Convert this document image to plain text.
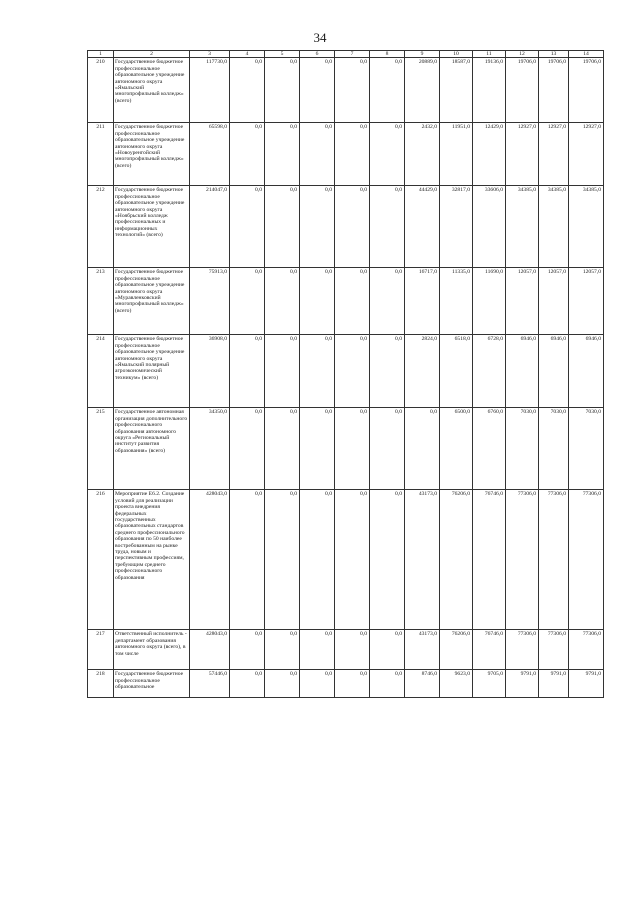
34
1	2	3	4	5	6	7	8	9	10	11	12	13	14
210	Государственное бюджетное профессиональное образовательное учреждение автономного округа «Ямальский многопрофильный колледж» (всего)	117730,0	0,0	0,0	0,0	0,0	0,0	20889,0	18587,0	19136,0	19706,0	19706,0	19706,0
211	Государственное бюджетное профессиональное образовательное учреждение автономного округа «Новоуренгойский многопрофильный колледж» (всего)	65598,0	0,0	0,0	0,0	0,0	0,0	2432,0	11951,0	12429,0	12927,0	12927,0	12927,0
212	Государственное бюджетное профессиональное образовательное учреждение автономного округа «Ноябрьский колледж профессиональных и информационных технологий» (всего)	214047,0	0,0	0,0	0,0	0,0	0,0	44429,0	32817,0	33606,0	34385,0	34385,0	34385,0
213	Государственное бюджетное профессиональное образовательное учреждение автономного округа «Муравленковский многопрофильный колледж» (всего)	75913,0	0,0	0,0	0,0	0,0	0,0	16717,0	11335,0	11690,0	12057,0	12057,0	12057,0
214	Государственное бюджетное профессиональное образовательное учреждение автономного округа «Ямальский полярный агроэкономический техникум» (всего)	36908,0	0,0	0,0	0,0	0,0	0,0	2824,0	6518,0	6728,0	6946,0	6946,0	6946,0
215	Государственное автономная организация дополнительного профессионального образования автономного округа «Региональный институт развития образования» (всего)	34350,0	0,0	0,0	0,0	0,0	0,0	0,0	6500,0	6760,0	7030,0	7030,0	7030,0
216	Мероприятие Е6.2. Создание условий для реализации проекта внедрения федеральных государственных образовательных стандартов среднего профессионального образования по 50 наиболее востребованным на рынке труда, новым и перспективным профессиям, требующим среднего профессионального образования	428043,0	0,0	0,0	0,0	0,0	0,0	43173,0	76206,0	76746,0	77306,0	77306,0	77306,0
217	Ответственный исполнитель - департамент образования автономного округа (всего), в том числе	428043,0	0,0	0,0	0,0	0,0	0,0	43173,0	76206,0	76746,0	77306,0	77306,0	77306,0
218	Государственное бюджетное профессиональное образовательное	57446,0	0,0	0,0	0,0	0,0	0,0	8746,0	9623,0	9705,0	9791,0	9791,0	9791,0
